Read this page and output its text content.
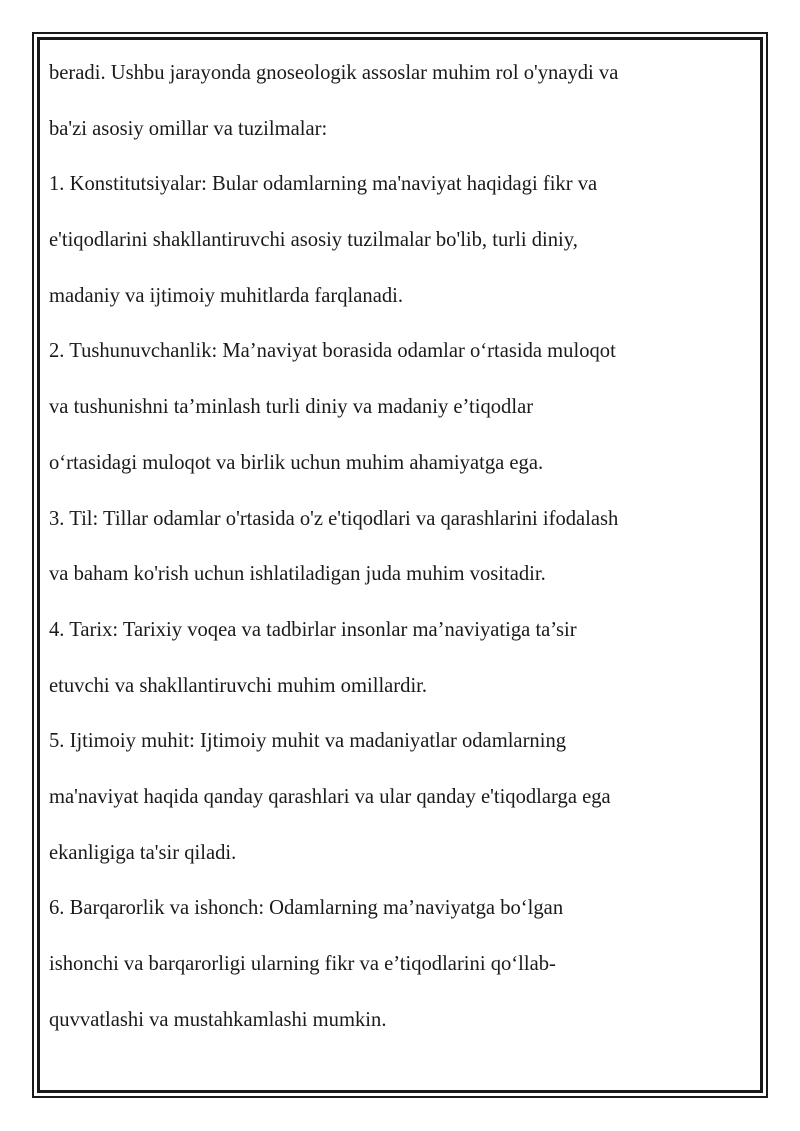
beradi. Ushbu jarayonda gnoseologik assoslar muhim rol o'ynaydi va
ba'zi asosiy omillar va tuzilmalar:
1. Konstitutsiyalar: Bular odamlarning ma'naviyat haqidagi fikr va
e'tiqodlarini shakllantiruvchi asosiy tuzilmalar bo'lib, turli diniy,
madaniy va ijtimoiy muhitlarda farqlanadi.
2. Tushunuvchanlik: Ma’naviyat borasida odamlar o‘rtasida muloqot
va tushunishni ta’minlash turli diniy va madaniy e’tiqodlar
o‘rtasidagi muloqot va birlik uchun muhim ahamiyatga ega.
3. Til: Tillar odamlar o'rtasida o'z e'tiqodlari va qarashlarini ifodalash
va baham ko'rish uchun ishlatiladigan juda muhim vositadir.
4. Tarix: Tarixiy voqea va tadbirlar insonlar ma’naviyatiga ta’sir
etuvchi va shakllantiruvchi muhim omillardir.
5. Ijtimoiy muhit: Ijtimoiy muhit va madaniyatlar odamlarning
ma'naviyat haqida qanday qarashlari va ular qanday e'tiqodlarga ega
ekanligiga ta'sir qiladi.
6. Barqarorlik va ishonch: Odamlarning ma’naviyatga bo‘lgan
ishonchi va barqarorligi ularning fikr va e’tiqodlarini qo‘llab-
quvvatlashi va mustahkamlashi mumkin.
